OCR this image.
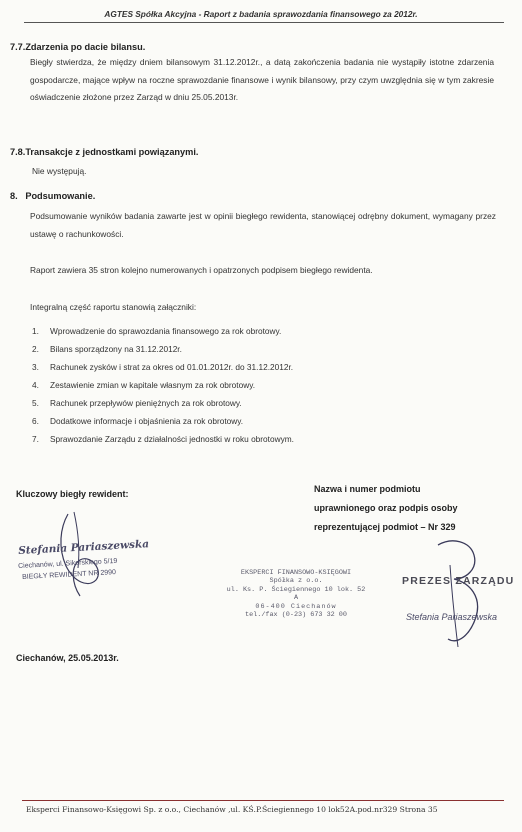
AGTES Spółka Akcyjna - Raport z badania sprawozdania finansowego za 2012r.
7.7.Zdarzenia po dacie bilansu.
Biegły stwierdza, że między dniem bilansowym 31.12.2012r., a datą zakończenia badania nie wystąpiły istotne zdarzenia gospodarcze, mające wpływ na roczne sprawozdanie finansowe i wynik bilansowy, przy czym uwzględnia się w tym zakresie oświadczenie złożone przez Zarząd w dniu 25.05.2013r.
7.8.Transakcje z jednostkami powiązanymi.
Nie występują.
8.   Podsumowanie.
Podsumowanie wyników badania zawarte jest w opinii biegłego rewidenta, stanowiącej odrębny dokument, wymagany przez ustawę o rachunkowości.
Raport zawiera 35 stron kolejno numerowanych i opatrzonych podpisem biegłego rewidenta.
Integralną część raportu stanowią załączniki:
1. Wprowadzenie do sprawozdania finansowego za rok obrotowy.
2. Bilans sporządzony na 31.12.2012r.
3. Rachunek zysków i strat za okres od 01.01.2012r. do 31.12.2012r.
4. Zestawienie zmian w kapitale własnym za rok obrotowy.
5. Rachunek przepływów pieniężnych za rok obrotowy.
6. Dodatkowe informacje i objaśnienia za rok obrotowy.
7. Sprawozdanie Zarządu z działalności jednostki w roku obrotowym.
Kluczowy biegły rewident:	Nazwa i numer podmiotu
uprawnionego oraz podpis osoby
reprezentującej podmiot – Nr 329
Stefania Pariaszewska
Ciechanów, ul. Sikorskiego 5/19
BIEGŁY REWIDENT NR 2990	EKSPERCI FINANSOWO-KSIĘGOWI
Spółka z o.o.
ul. Ks. P. Ściegiennego 10 lok. 52 A
06-400 Ciechanów
tel./fax (0-23) 673 32 00
PREZES ZARZĄDU
Stefania Pariaszewska
Ciechanów, 25.05.2013r.
Eksperci Finansowo-Księgowi Sp. z o.o., Ciechanów ,ul. KŚ.P.Ściegiennego 10 lok52A.pod.nr329 Strona 35
